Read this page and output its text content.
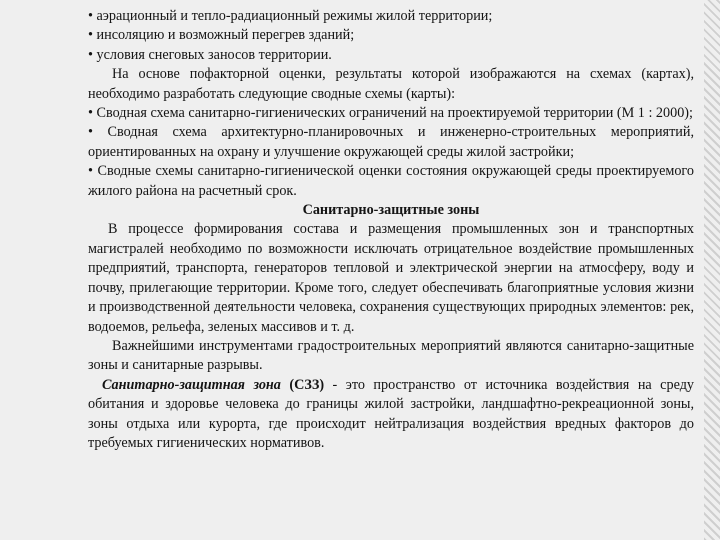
• аэрационный и тепло-радиационный режимы жилой территории;

• инсоляцию и возможный перегрев зданий;

• условия снеговых заносов территории.

На основе пофакторной оценки, результаты которой изображаются на схемах (картах), необходимо разработать следующие сводные схемы (карты):

• Сводная схема санитарно-гигиенических ограничений на проектируемой территории (М 1 : 2000);

• Сводная схема архитектурно-планировочных и инженерно-строительных мероприятий, ориентированных на охрану и улучшение окружающей среды жилой застройки;

• Сводные схемы санитарно-гигиенической оценки состояния окружающей среды проектируемого жилого района на расчетный срок.

Санитарно-защитные зоны

В процессе формирования состава и размещения промышленных зон и транспортных магистралей необходимо по возможности исключать отрицательное воздействие промышленных предприятий, транспорта, генераторов тепловой и электрической энергии на атмосферу, воду и почву, прилегающие территории. Кроме того, следует обеспечивать благоприятные условия жизни и производственной деятельности человека, сохранения существующих природных элементов: рек, водоемов, рельефа, зеленых массивов и т. д.

Важнейшими инструментами градостроительных мероприятий являются санитарно-защитные зоны и санитарные разрывы.

Санитарно-защитная зона (СЗЗ) - это пространство от источника воздействия на среду обитания и здоровье человека до границы жилой застройки, ландшафтно-рекреационной зоны, зоны отдыха или курорта, где происходит нейтрализация воздействия вредных факторов до требуемых гигиенических нормативов.
